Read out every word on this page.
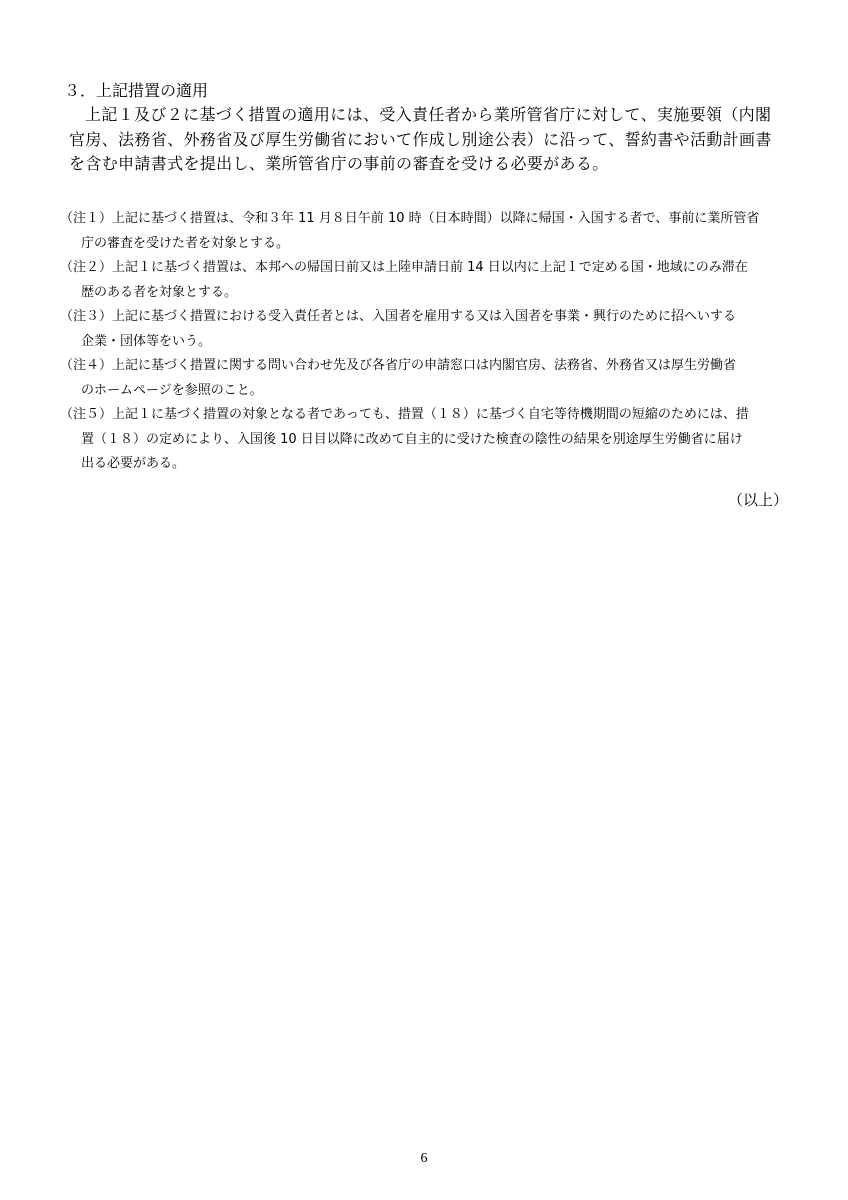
３．上記措置の適用
上記１及び２に基づく措置の適用には、受入責任者から業所管省庁に対して、実施要領（内閣
官房、法務省、外務省及び厚生労働省において作成し別途公表）に沿って、誓約書や活動計画書
を含む申請書式を提出し、業所管省庁の事前の審査を受ける必要がある。
（注１）上記に基づく措置は、令和３年 11 月８日午前 10 時（日本時間）以降に帰国・入国する者で、事前に業所管省
庁の審査を受けた者を対象とする。
（注２）上記１に基づく措置は、本邦への帰国日前又は上陸申請日前 14 日以内に上記１で定める国・地域にのみ滞在
歴のある者を対象とする。
（注３）上記に基づく措置における受入責任者とは、入国者を雇用する又は入国者を事業・興行のために招へいする
企業・団体等をいう。
（注４）上記に基づく措置に関する問い合わせ先及び各省庁の申請窓口は内閣官房、法務省、外務省又は厚生労働省
のホームページを参照のこと。
（注５）上記１に基づく措置の対象となる者であっても、措置（１８）に基づく自宅等待機期間の短縮のためには、措
置（１８）の定めにより、入国後 10 日目以降に改めて自主的に受けた検査の陰性の結果を別途厚生労働省に届け
出る必要がある。
（以上）
6
